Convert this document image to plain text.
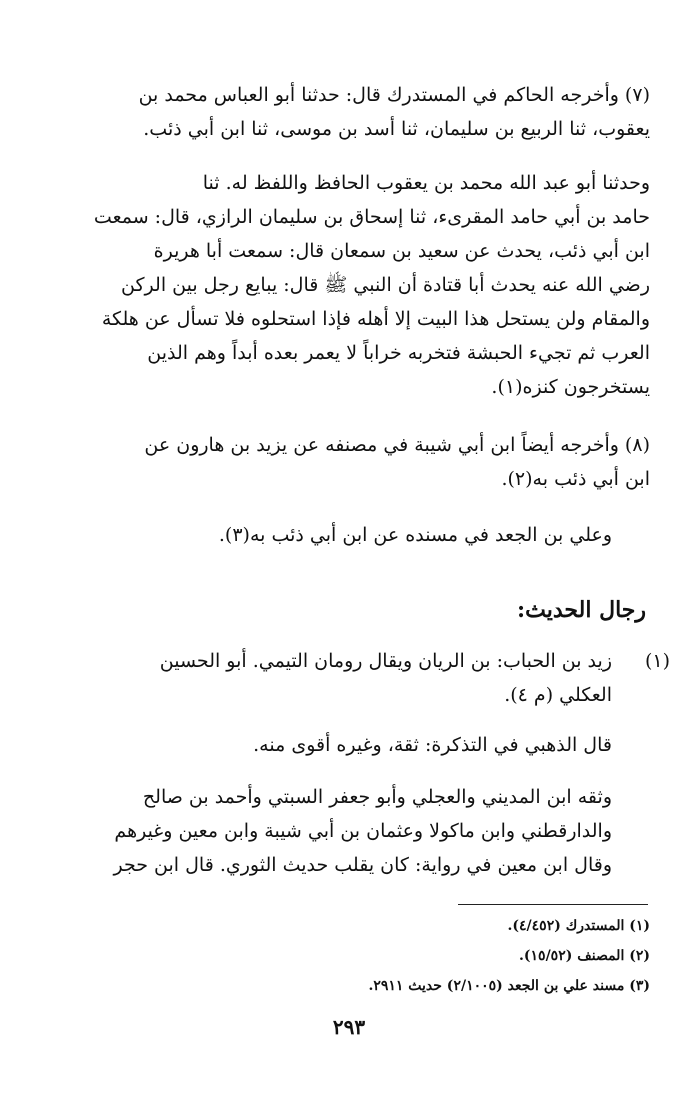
(٧) وأخرجه الحاكم في المستدرك قال: حدثنا أبو العباس محمد بن
يعقوب، ثنا الربيع بن سليمان، ثنا أسد بن موسى، ثنا ابن أبي ذئب.
وحدثنا أبو عبد الله محمد بن يعقوب الحافظ واللفظ له. ثنا
حامد بن أبي حامد المقرىء، ثنا إسحاق بن سليمان الرازي، قال: سمعت
ابن أبي ذئب، يحدث عن سعيد بن سمعان قال: سمعت أبا هريرة
رضي الله عنه يحدث أبا قتادة أن النبي ﷺ قال: يبايع رجل بين الركن
والمقام ولن يستحل هذا البيت إلا أهله فإذا استحلوه فلا تسأل عن هلكة
العرب ثم تجيء الحبشة فتخربه خراباً لا يعمر بعده أبداً وهم الذين
يستخرجون كنزه(١).
(٨) وأخرجه أيضاً ابن أبي شيبة في مصنفه عن يزيد بن هارون عن
ابن أبي ذئب به(٢).
وعلي بن الجعد في مسنده عن ابن أبي ذئب به(٣).
رجال الحديث:
(١)
زيد بن الحباب: بن الريان ويقال رومان التيمي. أبو الحسين
العكلي (م ٤).
قال الذهبي في التذكرة: ثقة، وغيره أقوى منه.
وثقه ابن المديني والعجلي وأبو جعفر السبتي وأحمد بن صالح
والدارقطني وابن ماكولا وعثمان بن أبي شيبة وابن معين وغيرهم
وقال ابن معين في رواية: كان يقلب حديث الثوري. قال ابن حجر
(١) المستدرك (٤/٤٥٢).
(٢) المصنف (١٥/٥٢).
(٣) مسند علي بن الجعد (٢/١٠٠٥) حديث ٢٩١١.
٢٩٣
